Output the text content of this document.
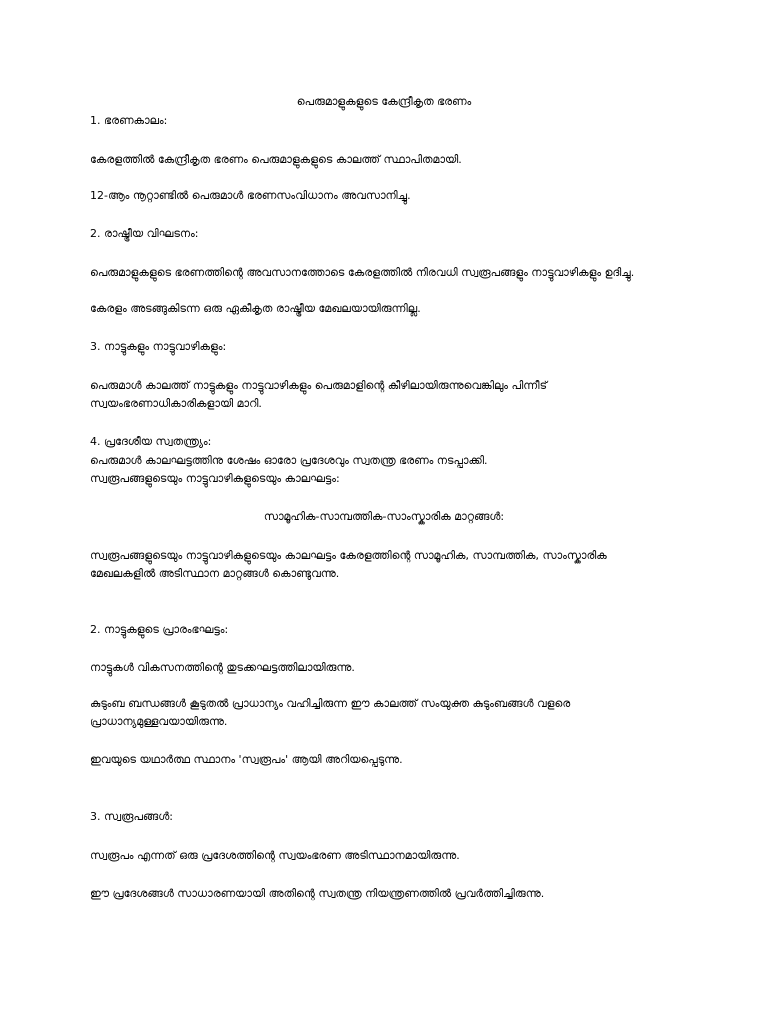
പെരുമാളുകളുടെ കേന്ദ്രീകൃത ഭരണം

1. ഭരണകാലം:

കേരളത്തിൽ കേന്ദ്രീകൃത ഭരണം പെരുമാളുകളുടെ കാലത്ത് സ്ഥാപിതമായി.

12-ആം നൂറ്റാണ്ടിൽ പെരുമാൾ ഭരണസംവിധാനം അവസാനിച്ചു.

2. രാഷ്ട്രീയ വിഘടനം:

പെരുമാളുകളുടെ ഭരണത്തിന്റെ അവസാനത്തോടെ കേരളത്തിൽ നിരവധി സ്വരൂപങ്ങളും നാട്ടുവാഴികളും ഉദിച്ചു.

കേരളം അടങ്ങുകിടന്ന ഒരു ഏകീകൃത രാഷ്ട്രീയ മേഖലയായിരുന്നില്ല.

3. നാട്ടുകളും നാട്ടുവാഴികളും:

പെരുമാൾ കാലത്ത് നാട്ടുകളും നാട്ടുവാഴികളും പെരുമാളിന്റെ കീഴിലായിരുന്നുവെങ്കിലും പിന്നീട്

സ്വയംഭരണാധികാരികളായി മാറി.

4. പ്രദേശീയ സ്വതന്ത്ര്യം:

പെരുമാൾ കാലഘട്ടത്തിനു ശേഷം ഓരോ പ്രദേശവും സ്വതന്ത്ര ഭരണം നടപ്പാക്കി.

സ്വരൂപങ്ങളുടെയും നാട്ടുവാഴികളുടെയും കാലഘട്ടം:

സാമൂഹിക-സാമ്പത്തിക-സാംസ്കാരിക മാറ്റങ്ങൾ:

സ്വരൂപങ്ങളുടെയും നാട്ടുവാഴികളുടെയും കാലഘട്ടം കേരളത്തിന്റെ സാമൂഹിക, സാമ്പത്തിക, സാംസ്കാരിക

മേഖലകളിൽ അടിസ്ഥാന മാറ്റങ്ങൾ കൊണ്ടുവന്നു.

2. നാട്ടുകളുടെ പ്രാരംഭഘട്ടം:

നാട്ടുകൾ വികസനത്തിന്റെ തുടക്കഘട്ടത്തിലായിരുന്നു.

കുടുംബ ബന്ധങ്ങൾ കൂടുതൽ പ്രാധാന്യം വഹിച്ചിരുന്ന ഈ കാലത്ത് സംയുക്ത കുടുംബങ്ങൾ വളരെ

പ്രാധാന്യമുള്ളവയായിരുന്നു.

ഇവയുടെ യഥാർത്ഥ സ്ഥാനം 'സ്വരൂപം' ആയി അറിയപ്പെടുന്നു.

3. സ്വരൂപങ്ങൾ:

സ്വരൂപം എന്നത് ഒരു പ്രദേശത്തിന്റെ സ്വയംഭരണ അടിസ്ഥാനമായിരുന്നു.

ഈ പ്രദേശങ്ങൾ സാധാരണയായി അതിന്റെ സ്വതന്ത്ര നിയന്ത്രണത്തിൽ പ്രവർത്തിച്ചിരുന്നു.
